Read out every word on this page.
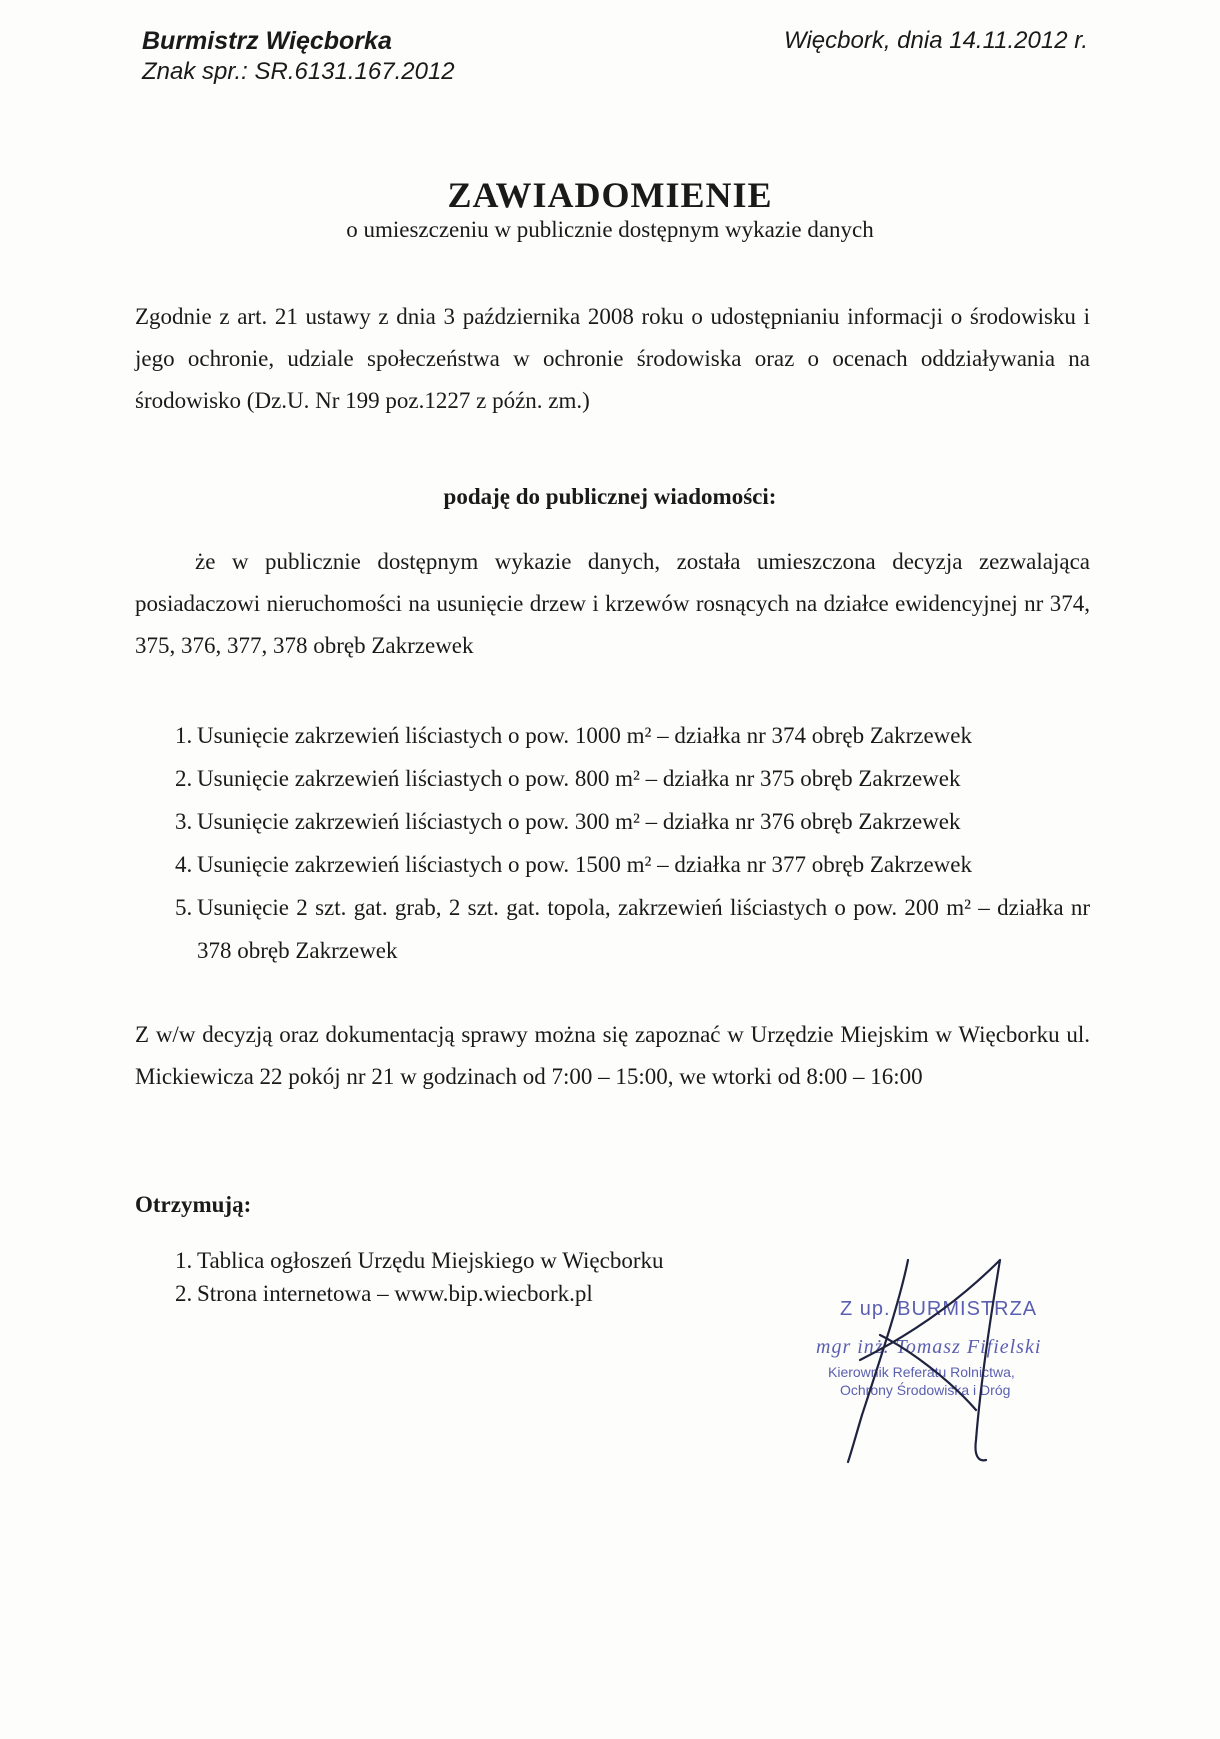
Burmistrz Więcborka
Znak spr.: SR.6131.167.2012
Więcbork, dnia 14.11.2012 r.
ZAWIADOMIENIE
o umieszczeniu w publicznie dostępnym wykazie danych
Zgodnie z art. 21 ustawy z dnia 3 października 2008 roku o udostępnianiu informacji o środowisku i jego ochronie, udziale społeczeństwa w ochronie środowiska oraz o ocenach oddziaływania na środowisko (Dz.U. Nr 199 poz.1227 z późn. zm.)
podaję do publicznej wiadomości:
że w publicznie dostępnym wykazie danych, została umieszczona decyzja zezwalająca posiadaczowi nieruchomości na usunięcie drzew i krzewów rosnących na działce ewidencyjnej nr 374, 375, 376, 377, 378 obręb Zakrzewek
1. Usunięcie zakrzewień liściastych o pow. 1000 m² – działka nr 374 obręb Zakrzewek
2. Usunięcie zakrzewień liściastych o pow. 800 m² – działka nr 375 obręb Zakrzewek
3. Usunięcie zakrzewień liściastych o pow. 300 m² – działka nr 376 obręb Zakrzewek
4. Usunięcie zakrzewień liściastych o pow. 1500 m² – działka nr 377 obręb Zakrzewek
5. Usunięcie 2 szt. gat. grab, 2 szt. gat. topola, zakrzewień liściastych o pow. 200 m² – działka nr 378 obręb Zakrzewek
Z w/w decyzją oraz dokumentacją sprawy można się zapoznać w Urzędzie Miejskim w Więcborku ul. Mickiewicza 22 pokój nr 21 w godzinach od 7:00 – 15:00, we wtorki od 8:00 – 16:00
Otrzymują:
1. Tablica ogłoszeń Urzędu Miejskiego w Więcborku
2. Strona internetowa – www.bip.wiecbork.pl
Z up. BURMISTRZA
mgr inż. Tomasz Fifielski
Kierownik Referatu Rolnictwa,
Ochrony Środowiska i Dróg
